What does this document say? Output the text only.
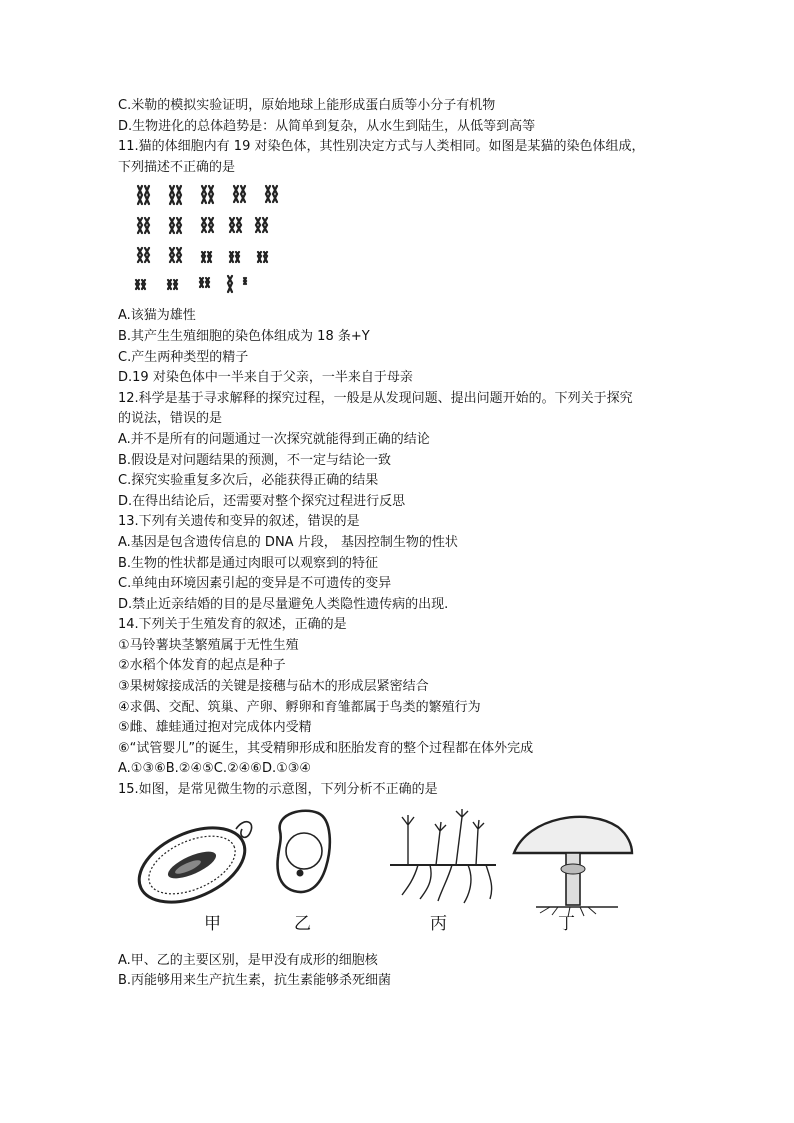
C.米勒的模拟实验证明，原始地球上能形成蛋白质等小分子有机物
D.生物进化的总体趋势是：从简单到复杂，从水生到陆生，从低等到高等
11.猫的体细胞内有 19 对染色体，其性别决定方式与人类相同。如图是某猫的染色体组成，
下列描述不正确的是
A.该猫为雄性
B.其产生生殖细胞的染色体组成为 18 条+Y
C.产生两种类型的精子
D.19 对染色体中一半来自于父亲，一半来自于母亲
12.科学是基于寻求解释的探究过程，一般是从发现问题、提出问题开始的。下列关于探究
的说法，错误的是
A.并不是所有的问题通过一次探究就能得到正确的结论
B.假设是对问题结果的预测，不一定与结论一致
C.探究实验重复多次后，必能获得正确的结果
D.在得出结论后，还需要对整个探究过程进行反思
13.下列有关遗传和变异的叙述，错误的是
A.基因是包含遗传信息的 DNA 片段， 基因控制生物的性状
B.生物的性状都是通过肉眼可以观察到的特征
C.单纯由环境因素引起的变异是不可遗传的变异
D.禁止近亲结婚的目的是尽量避免人类隐性遗传病的出现.
14.下列关于生殖发育的叙述，正确的是
①马铃薯块茎繁殖属于无性生殖
②水稻个体发育的起点是种子
③果树嫁接成活的关键是接穗与砧木的形成层紧密结合
④求偶、交配、筑巢、产卵、孵卵和育雏都属于鸟类的繁殖行为
⑤雌、雄蛙通过抱对完成体内受精
⑥“试管婴儿”的诞生，其受精卵形成和胚胎发育的整个过程都在体外完成
A.①③⑥B.②④⑤C.②④⑥D.①③④
15.如图，是常见微生物的示意图，下列分析不正确的是
甲	乙	丙	丁
A.甲、乙的主要区别，是甲没有成形的细胞核
B.丙能够用来生产抗生素，抗生素能够杀死细菌
